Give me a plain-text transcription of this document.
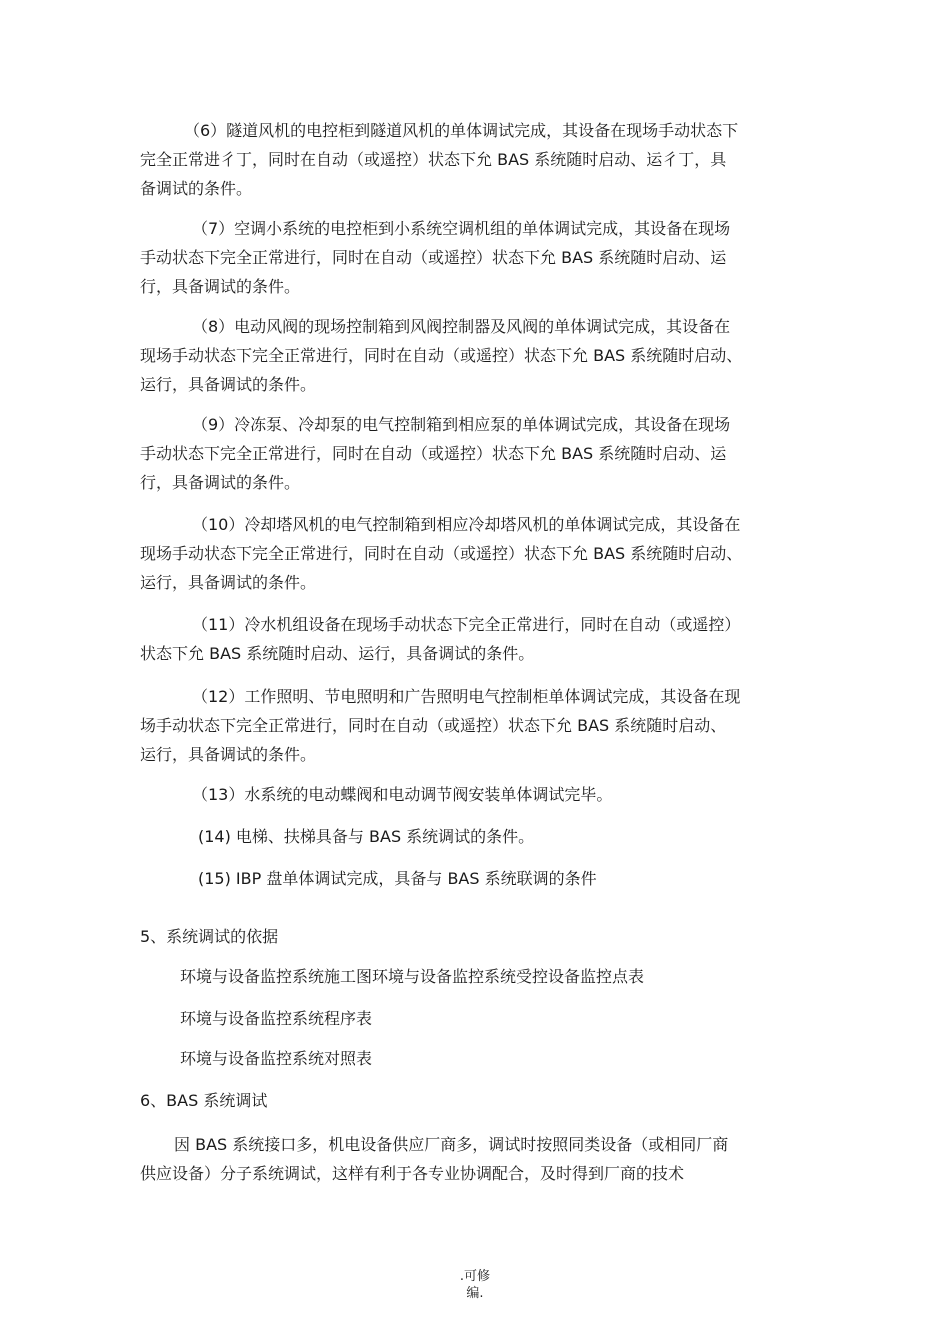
（6）隧道风机的电控柜到隧道风机的单体调试完成，其设备在现场手动状态下
完全正常进彳丁，同时在自动（或遥控）状态下允 BAS 系统随时启动、运彳丁，具
备调试的条件。
（7）空调小系统的电控柜到小系统空调机组的单体调试完成，其设备在现场
手动状态下完全正常进行，同时在自动（或遥控）状态下允 BAS 系统随时启动、运
行，具备调试的条件。
（8）电动风阀的现场控制箱到风阀控制器及风阀的单体调试完成，其设备在
现场手动状态下完全正常进行，同时在自动（或遥控）状态下允 BAS 系统随时启动、
运行，具备调试的条件。
（9）冷冻泵、冷却泵的电气控制箱到相应泵的单体调试完成，其设备在现场
手动状态下完全正常进行，同时在自动（或遥控）状态下允 BAS 系统随时启动、运
行，具备调试的条件。
（10）冷却塔风机的电气控制箱到相应冷却塔风机的单体调试完成，其设备在
现场手动状态下完全正常进行，同时在自动（或遥控）状态下允 BAS 系统随时启动、
运行，具备调试的条件。
（11）冷水机组设备在现场手动状态下完全正常进行，同时在自动（或遥控）
状态下允 BAS 系统随时启动、运行，具备调试的条件。
（12）工作照明、节电照明和广告照明电气控制柜单体调试完成，其设备在现
场手动状态下完全正常进行，同时在自动（或遥控）状态下允 BAS 系统随时启动、
运行，具备调试的条件。
（13）水系统的电动蝶阀和电动调节阀安装单体调试完毕。
(14) 电梯、扶梯具备与 BAS 系统调试的条件。
(15) IBP 盘单体调试完成，具备与 BAS 系统联调的条件
5、系统调试的依据
环境与设备监控系统施工图环境与设备监控系统受控设备监控点表
环境与设备监控系统程序表
环境与设备监控系统对照表
6、BAS 系统调试
因 BAS 系统接口多，机电设备供应厂商多，调试时按照同类设备（或相同厂商
供应设备）分子系统调试，这样有利于各专业协调配合，及时得到厂商的技术
.可修
编.
